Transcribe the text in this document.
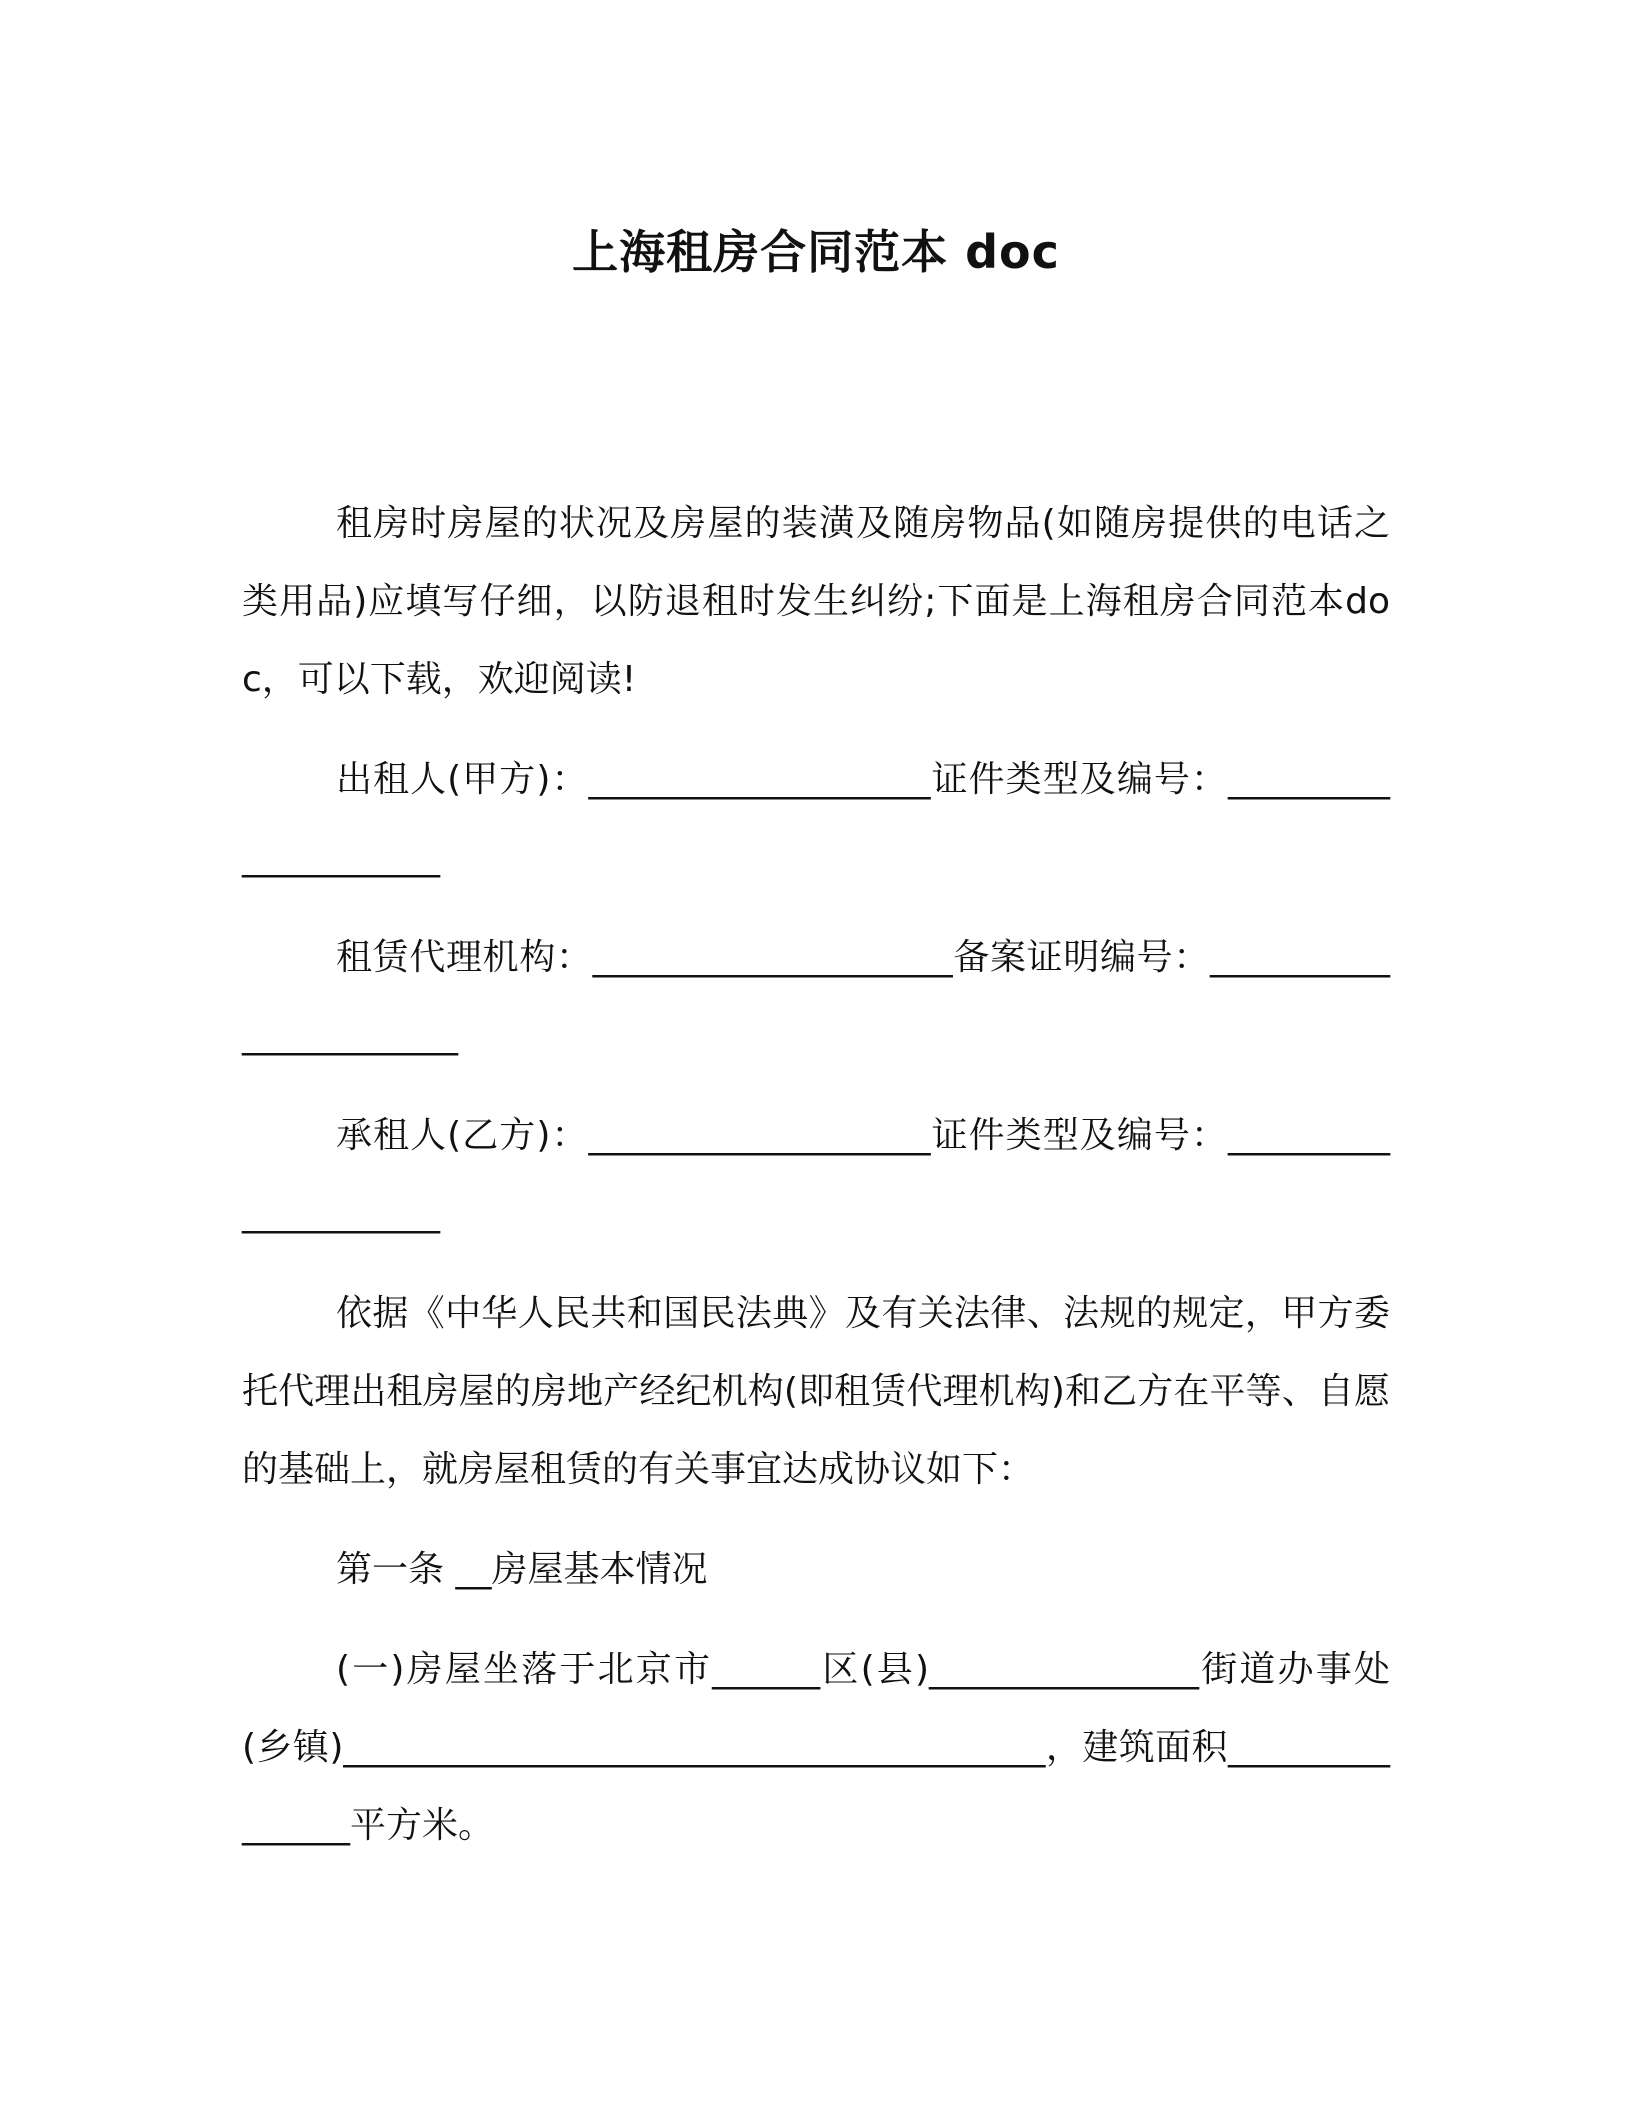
上海租房合同范本 doc

租房时房屋的状况及房屋的装潢及随房物品(如随房提供的电话之类用品)应填写仔细，以防退租时发生纠纷;下面是上海租房合同范本doc，可以下载，欢迎阅读!

出租人(甲方)：___________________证件类型及编号：____________________

租赁代理机构：____________________备案证明编号：______________________

承租人(乙方)：___________________证件类型及编号：____________________

依据《中华人民共和国民法典》及有关法律、法规的规定，甲方委托代理出租房屋的房地产经纪机构(即租赁代理机构)和乙方在平等、自愿的基础上，就房屋租赁的有关事宜达成协议如下：

第一条 __房屋基本情况

(一)房屋坐落于北京市______区(县)_______________街道办事处(乡镇)_______________________________________，建筑面积_______________平方米。
